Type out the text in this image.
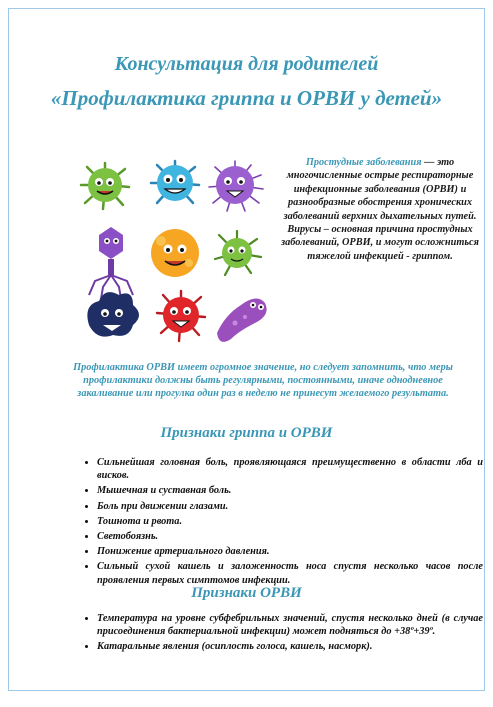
Консультация для родителей
«Профилактика гриппа и ОРВИ у детей»
Простудные заболевания — это многочисленные острые респираторные инфекционные заболевания (ОРВИ) и разнообразные обострения хронических заболеваний верхних дыхательных путей. Вирусы – основная причина простудных заболеваний, ОРВИ, и могут осложниться тяжелой инфекцией - гриппом.
Профилактика ОРВИ имеет огромное значение, но следует запомнить, что меры профилактики должны быть регулярными, постоянными, иначе однодневное закаливание или прогулка один раз в неделю не принесут желаемого результата.
Признаки гриппа и ОРВИ
• Сильнейшая головная боль, проявляющаяся преимущественно в области лба и висков.
• Мышечная и суставная боль.
• Боль при движении глазами.
• Тошнота и рвота.
• Светобоязнь.
• Понижение артериального давления.
• Сильный сухой кашель и заложенность носа спустя несколько часов после проявления первых симптомов инфекции.
Признаки ОРВИ
• Температура на уровне субфебрильных значений, спустя несколько дней (в случае присоединения бактериальной инфекции) может подняться до +38º+39º.
• Катаральные явления (осиплость голоса, кашель, насморк).
